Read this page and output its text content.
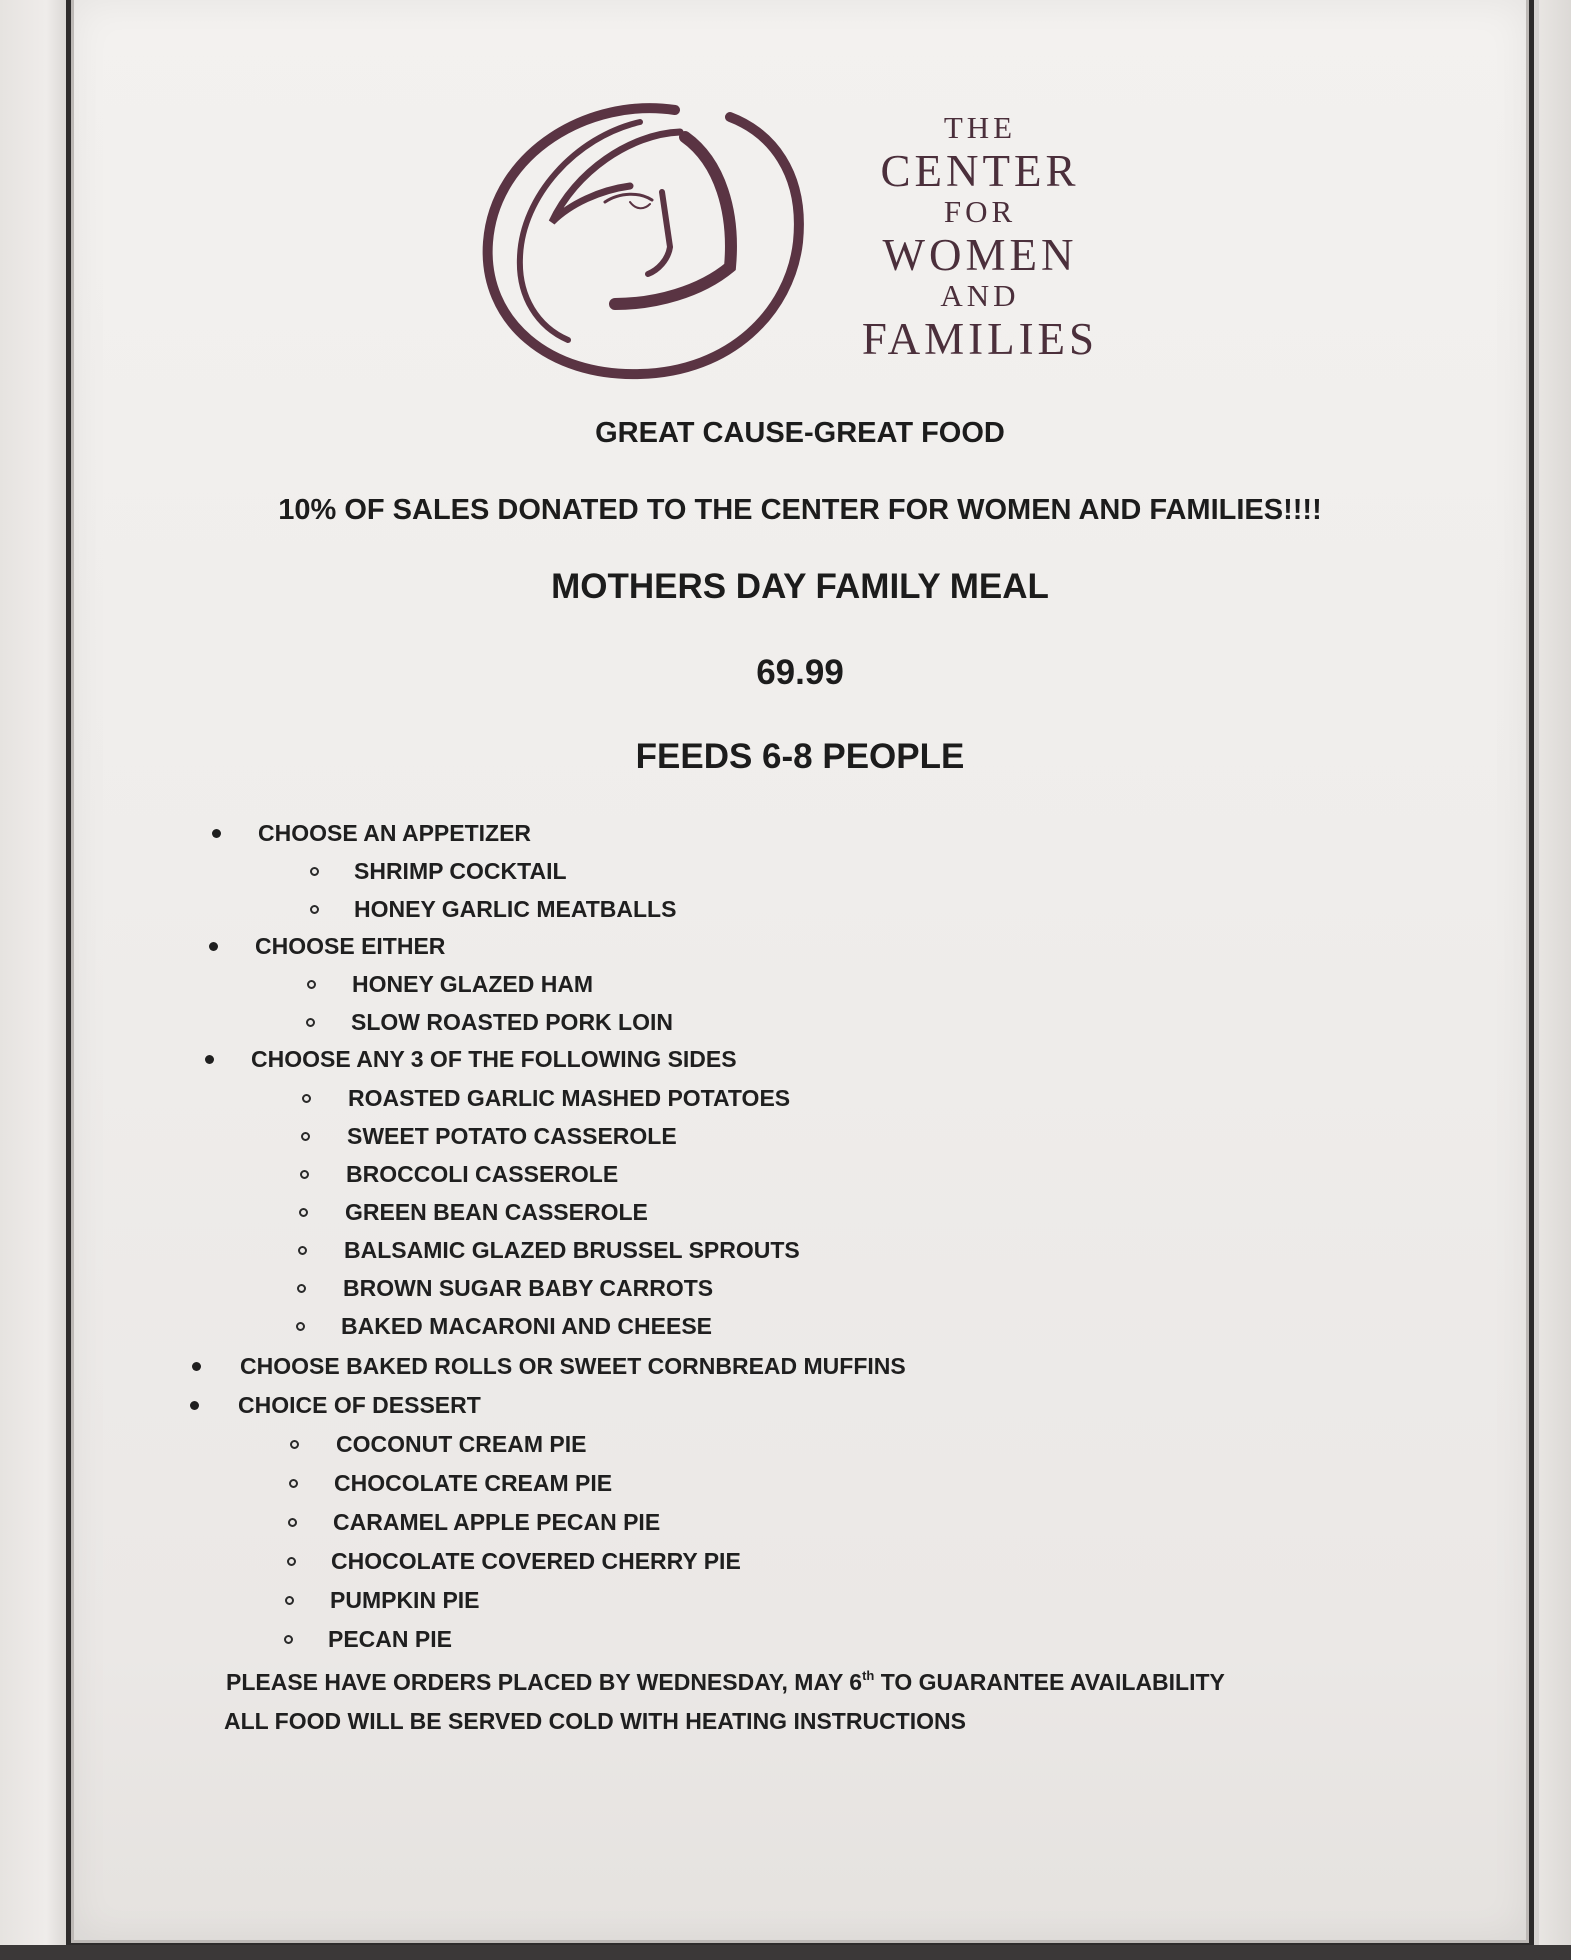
THE
CENTER
FOR
WOMEN
AND
FAMILIES
GREAT CAUSE-GREAT FOOD
10% OF SALES DONATED TO THE CENTER FOR WOMEN AND FAMILIES!!!!
MOTHERS DAY FAMILY MEAL
69.99
FEEDS 6-8 PEOPLE
CHOOSE AN APPETIZER
SHRIMP COCKTAIL
HONEY GARLIC MEATBALLS
CHOOSE EITHER
HONEY GLAZED HAM
SLOW ROASTED PORK LOIN
CHOOSE ANY 3 OF THE FOLLOWING SIDES
ROASTED GARLIC MASHED POTATOES
SWEET POTATO CASSEROLE
BROCCOLI CASSEROLE
GREEN BEAN CASSEROLE
BALSAMIC GLAZED BRUSSEL SPROUTS
BROWN SUGAR BABY CARROTS
BAKED MACARONI AND CHEESE
CHOOSE BAKED ROLLS OR SWEET CORNBREAD MUFFINS
CHOICE OF DESSERT
COCONUT CREAM PIE
CHOCOLATE CREAM PIE
CARAMEL APPLE PECAN PIE
CHOCOLATE COVERED CHERRY PIE
PUMPKIN PIE
PECAN PIE
PLEASE HAVE ORDERS PLACED BY WEDNESDAY, MAY 6th TO GUARANTEE AVAILABILITY
ALL FOOD WILL BE SERVED COLD WITH HEATING INSTRUCTIONS
